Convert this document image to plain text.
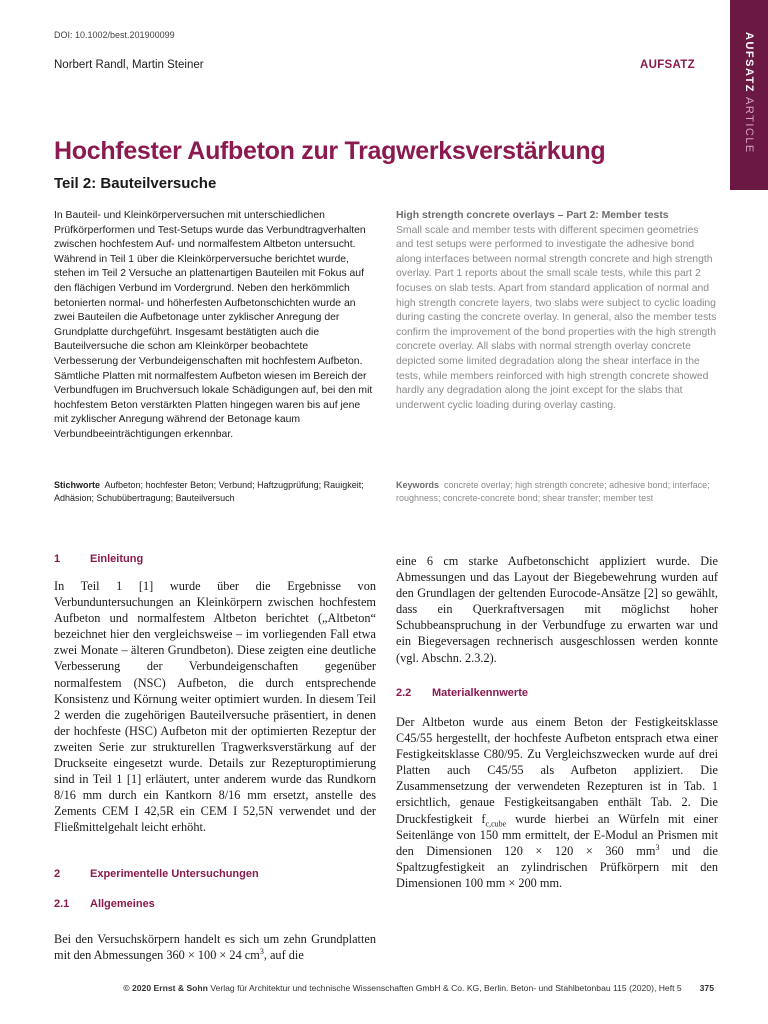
DOI: 10.1002/best.201900099
Norbert Randl, Martin Steiner	AUFSATZ	AUFSATZARTICLE
Hochfester Aufbeton zur Tragwerksverstärkung
Teil 2: Bauteilversuche
In Bauteil- und Kleinkörperversuchen mit unterschiedlichen Prüfkörperformen und Test-Setups wurde das Verbundtragverhalten zwischen hochfestem Auf- und normalfestem Altbeton untersucht. Während in Teil 1 über die Kleinkörperversuche berichtet wurde, stehen im Teil 2 Versuche an plattenartigen Bauteilen mit Fokus auf den flächigen Verbund im Vordergrund. Neben den herkömmlich betonierten normal- und höherfesten Aufbetonschichten wurde an zwei Bauteilen die Aufbetonage unter zyklischer Anregung der Grundplatte durchgeführt. Insgesamt bestätigten auch die Bauteilversuche die schon am Kleinkörper beobachtete Verbesserung der Verbundeigenschaften mit hochfestem Aufbeton. Sämtliche Platten mit normalfestem Aufbeton wiesen im Bereich der Verbundfugen im Bruchversuch lokale Schädigungen auf, bei den mit hochfestem Beton verstärkten Platten hingegen waren bis auf jene mit zyklischer Anregung während der Betonage kaum Verbundbeeinträchtigungen erkennbar.
High strength concrete overlays – Part 2: Member tests
Small scale and member tests with different specimen geometries and test setups were performed to investigate the adhesive bond along interfaces between normal strength concrete and high strength overlay. Part 1 reports about the small scale tests, while this part 2 focuses on slab tests. Apart from standard application of normal and high strength concrete layers, two slabs were subject to cyclic loading during casting the concrete overlay. In general, also the member tests confirm the improvement of the bond properties with the high strength concrete overlay. All slabs with normal strength overlay concrete depicted some limited degradation along the shear interface in the tests, while members reinforced with high strength concrete showed hardly any degradation along the joint except for the slabs that underwent cyclic loading during overlay casting.
Stichworte Aufbeton; hochfester Beton; Verbund; Haftzugprüfung; Rauigkeit; Adhäsion; Schubübertragung; Bauteilversuch
Keywords concrete overlay; high strength concrete; adhesive bond; interface; roughness; concrete-concrete bond; shear transfer; member test
1	Einleitung
In Teil 1 [1] wurde über die Ergebnisse von Verbunduntersuchungen an Kleinkörpern zwischen hochfestem Aufbeton und normalfestem Altbeton berichtet („Altbeton“ bezeichnet hier den vergleichsweise – im vorliegenden Fall etwa zwei Monate – älteren Grundbeton). Diese zeigten eine deutliche Verbesserung der Verbundeigenschaften gegenüber normalfestem (NSC) Aufbeton, die durch entsprechende Konsistenz und Körnung weiter optimiert wurden. In diesem Teil 2 werden die zugehörigen Bauteilversuche präsentiert, in denen der hochfeste (HSC) Aufbeton mit der optimierten Rezeptur der zweiten Serie zur strukturellen Tragwerksverstärkung auf der Druckseite eingesetzt wurde. Details zur Rezepturoptimierung sind in Teil 1 [1] erläutert, unter anderem wurde das Rundkorn 8/16 mm durch ein Kantkorn 8/16 mm ersetzt, anstelle des Zements CEM I 42,5R ein CEM I 52,5N verwendet und der Fließmittelgehalt leicht erhöht.
2	Experimentelle Untersuchungen
2.1 Allgemeines
Bei den Versuchskörpern handelt es sich um zehn Grundplatten mit den Abmessungen 360 × 100 × 24 $cm^3$, auf die
eine 6 cm starke Aufbetonschicht appliziert wurde. Die Abmessungen und das Layout der Biegebewehrung wurden auf den Grundlagen der geltenden Eurocode-Ansätze [2] so gewählt, dass ein Querkraftversagen mit möglichst hoher Schubbeanspruchung in der Verbundfuge zu erwarten war und ein Biegeversagen rechnerisch ausgeschlossen werden konnte (vgl. Abschn. 2.3.2).
2.2 Materialkennwerte
Der Altbeton wurde aus einem Beton der Festigkeitsklasse C45/55 hergestellt, der hochfeste Aufbeton entsprach etwa einer Festigkeitsklasse C80/95. Zu Vergleichszwecken wurde auf drei Platten auch C45/55 als Aufbeton appliziert. Die Zusammensetzung der verwendeten Rezepturen ist in Tab. 1 ersichtlich, genaue Festigkeitsangaben enthält Tab. 2. Die Druckfestigkeit $f_{c,cube}$ wurde hierbei an Würfeln mit einer Seitenlänge von 150 mm ermittelt, der E-Modul an Prismen mit den Dimensionen 120 × 120 × 360 $mm^3$ und die Spaltzugfestigkeit an zylindrischen Prüfkörpern mit den Dimensionen 100 mm × 200 mm.
© 2020 Ernst & Sohn Verlag für Architektur und technische Wissenschaften GmbH & Co. KG, Berlin. Beton- und Stahlbetonbau 115 (2020), Heft 5 375
